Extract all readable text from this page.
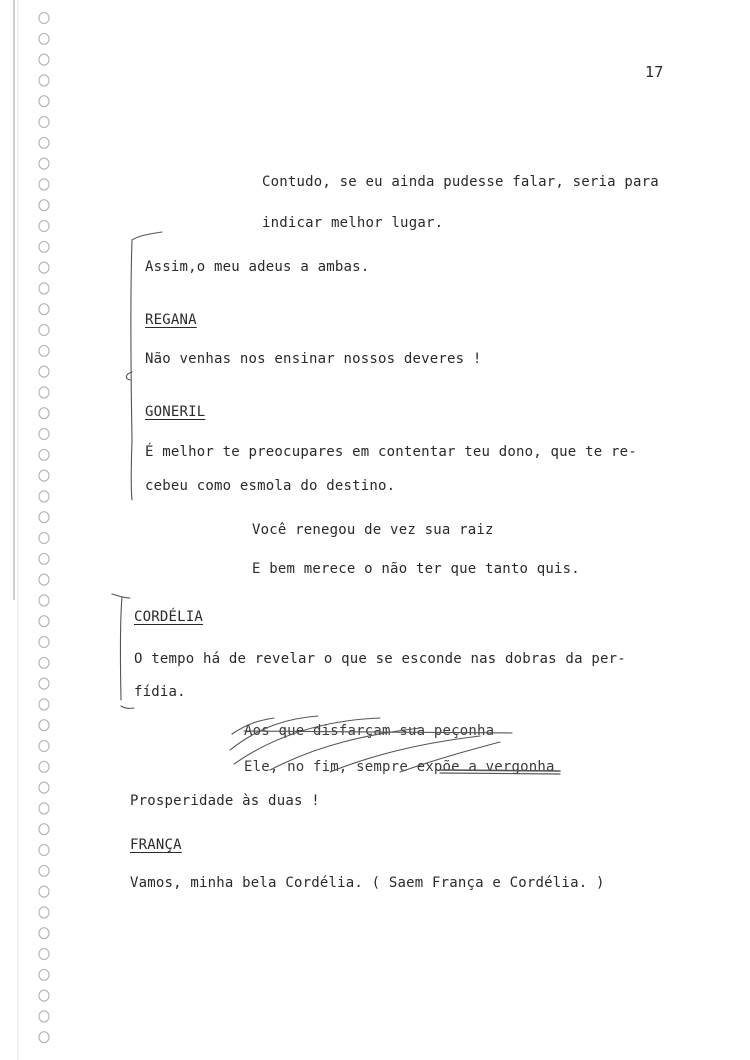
17
Contudo, se eu ainda pudesse falar, seria para
indicar melhor lugar.
Assim,o meu adeus a ambas.
REGANA
Não venhas nos ensinar nossos deveres !
GONERIL
É melhor te preocupares em contentar teu dono, que te re-
cebeu como esmola do destino.
Você renegou de vez sua raiz
E bem merece o não ter que tanto quis.
CORDÉLIA
O tempo há de revelar o que se esconde nas dobras da per-
fídia.
Aos que disfarçam sua peçonha
Ele, no fim, sempre expõe a vergonha
Prosperidade às duas !
FRANÇA
Vamos, minha bela Cordélia. ( Saem França e Cordélia. )
